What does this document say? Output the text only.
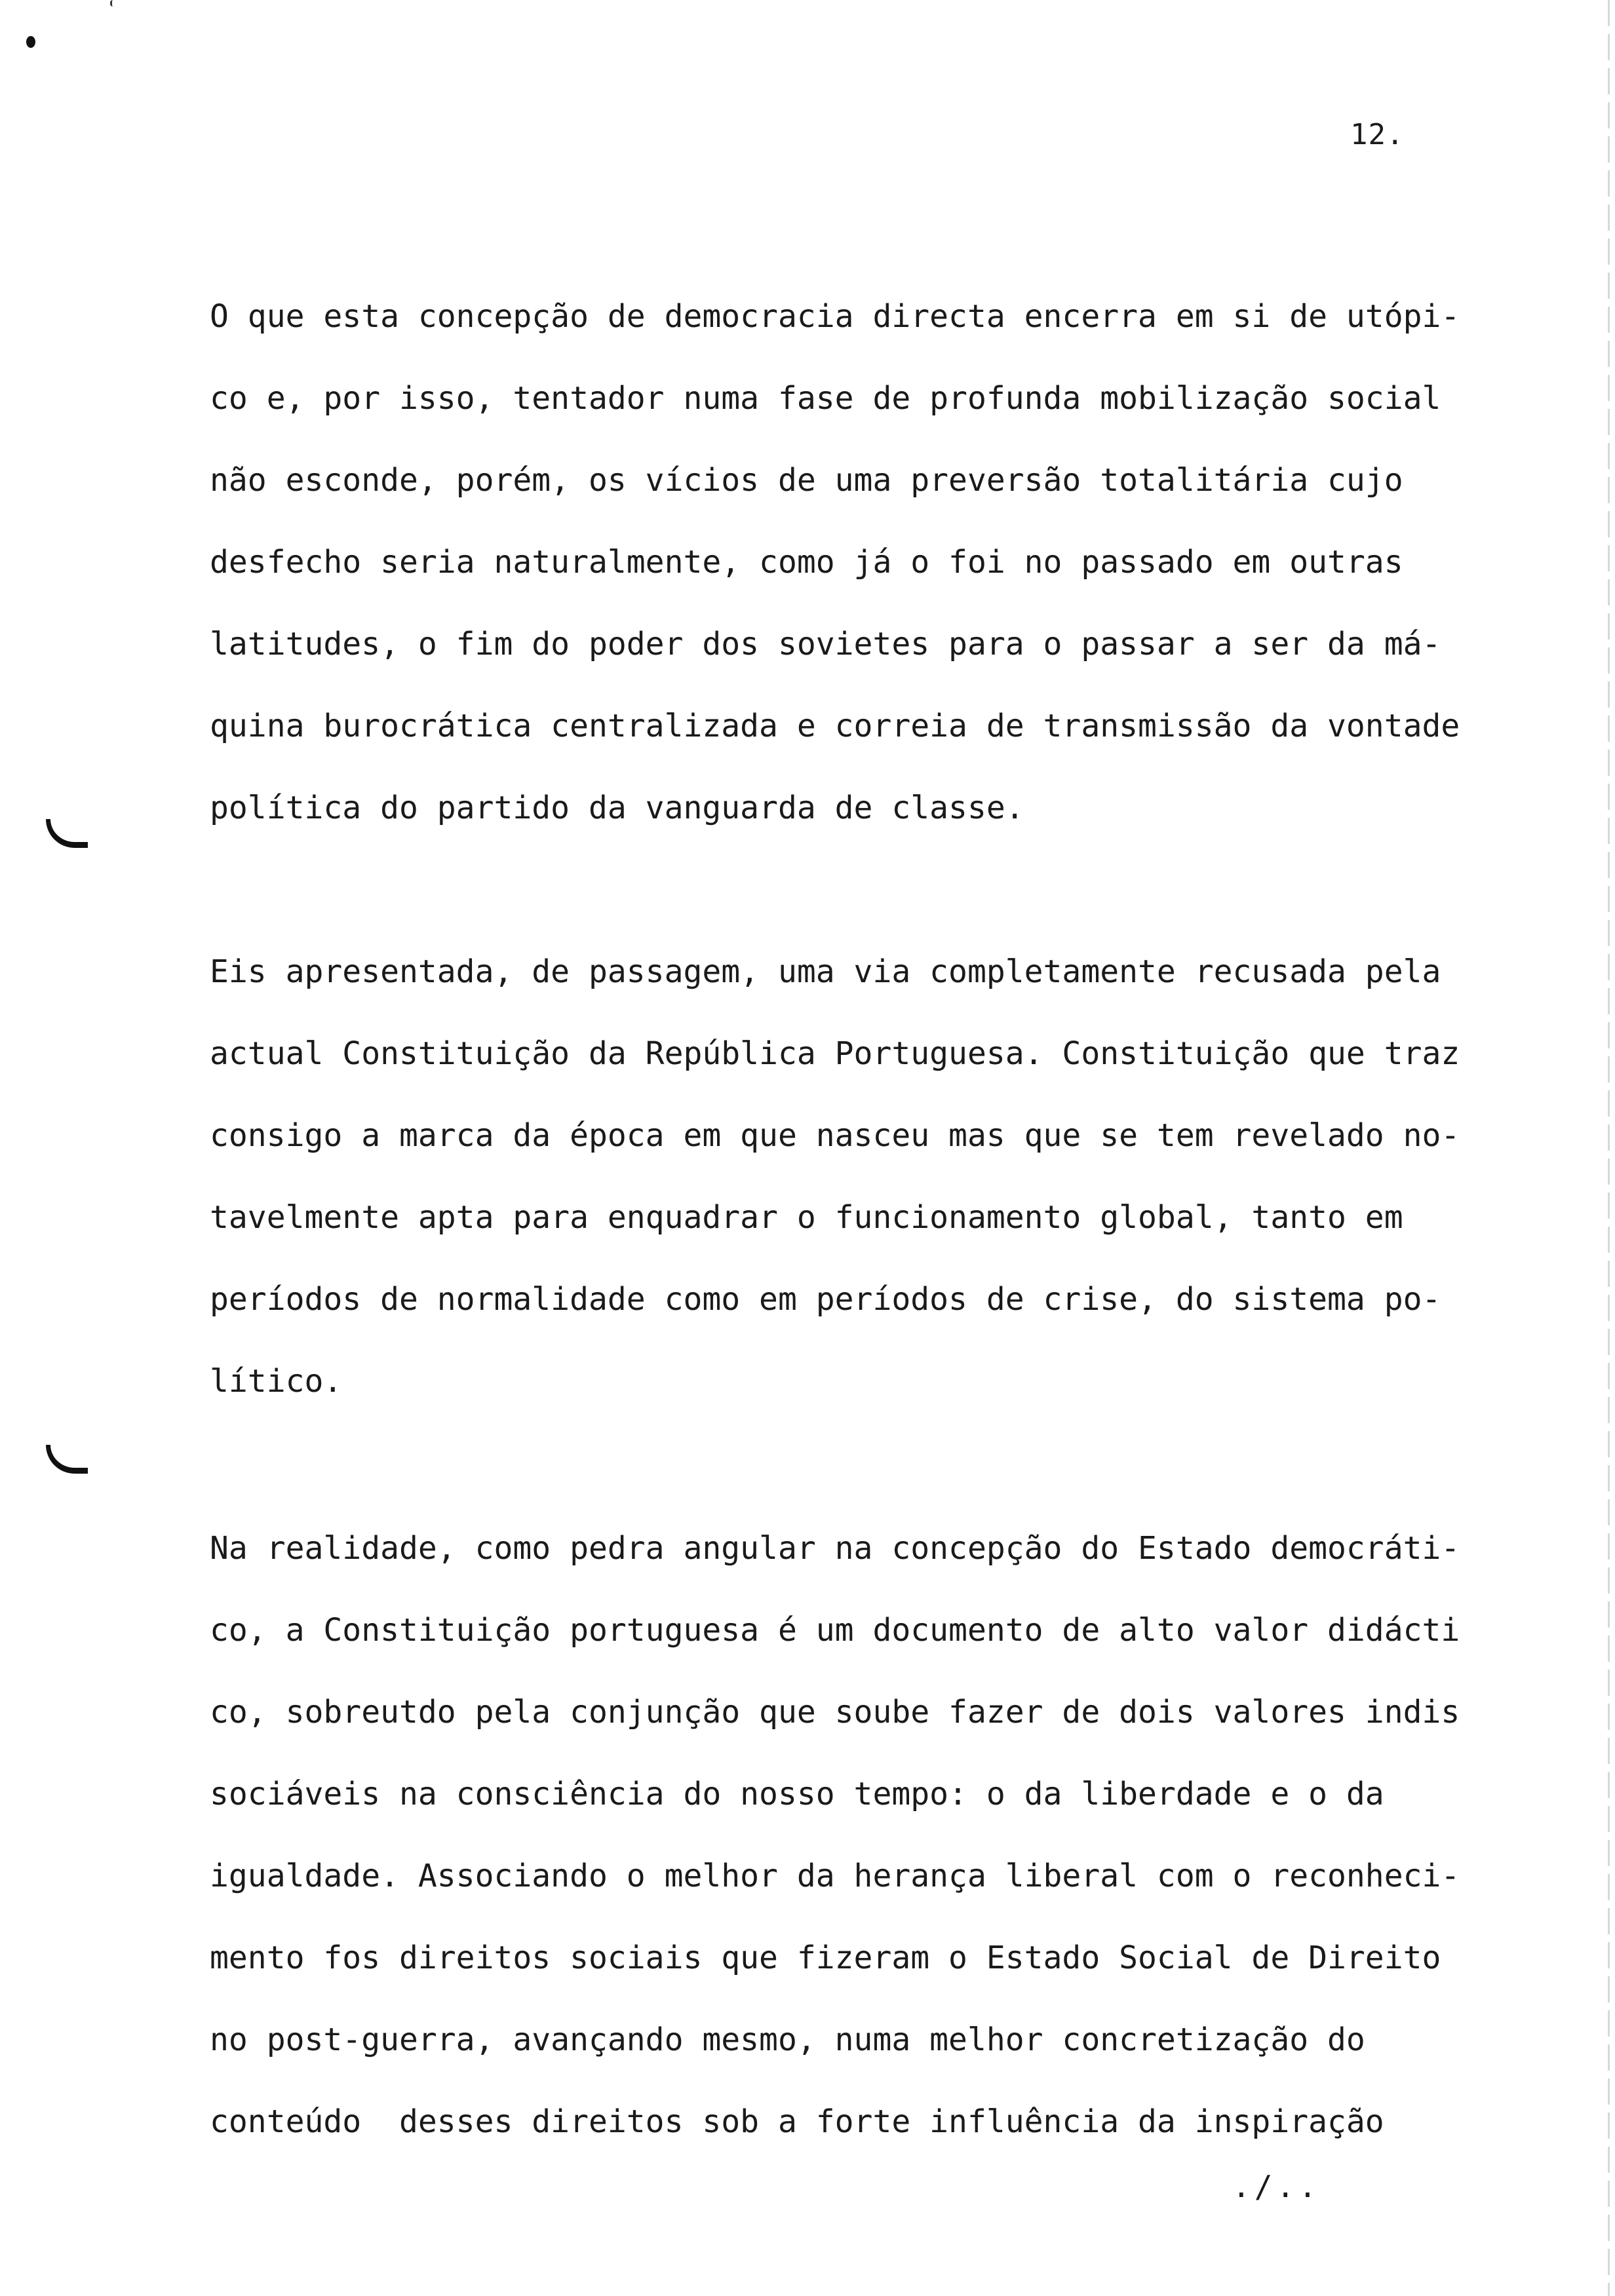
12.
O que esta concepção de democracia directa encerra em si de utópi-
co e, por isso, tentador numa fase de profunda mobilização social
não esconde, porém, os vícios de uma preversão totalitária cujo
desfecho seria naturalmente, como já o foi no passado em outras
latitudes, o fim do poder dos sovietes para o passar a ser da má-
quina burocrática centralizada e correia de transmissão da vontade
política do partido da vanguarda de classe.
Eis apresentada, de passagem, uma via completamente recusada pela
actual Constituição da República Portuguesa. Constituição que traz
consigo a marca da época em que nasceu mas que se tem revelado no-
tavelmente apta para enquadrar o funcionamento global, tanto em
períodos de normalidade como em períodos de crise, do sistema po-
lítico.
Na realidade, como pedra angular na concepção do Estado democráti-
co, a Constituição portuguesa é um documento de alto valor didácti
co, sobreutdo pela conjunção que soube fazer de dois valores indis
sociáveis na consciência do nosso tempo: o da liberdade e o da
igualdade. Associando o melhor da herança liberal com o reconheci-
mento fos direitos sociais que fizeram o Estado Social de Direito
no post-guerra, avançando mesmo, numa melhor concretização do
conteúdo  desses direitos sob a forte influência da inspiração
./..
